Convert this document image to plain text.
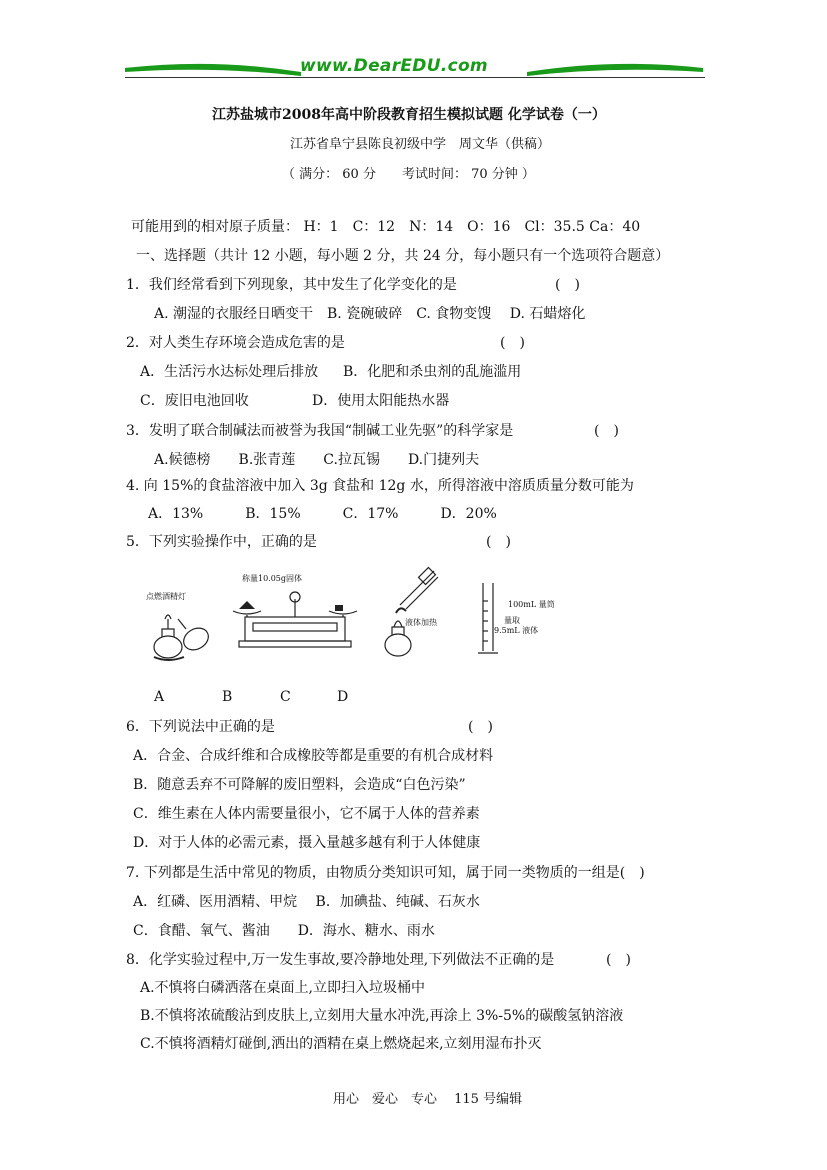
www.DearEDU.com
江苏盐城市2008年高中阶段教育招生模拟试题 化学试卷（一）
江苏省阜宁县陈良初级中学　周文华（供稿）
（ 满分： 60 分　　考试时间： 70 分钟 ）
可能用到的相对原子质量： H：1　C：12　N：14　O：16　Cl：35.5 Ca：40
一、选择题（共计 12 小题，每小题 2 分，共 24 分，每小题只有一个选项符合题意）
1．我们经常看到下列现象，其中发生了化学变化的是	(　)
A. 潮湿的衣服经日晒变干　B. 瓷碗破碎　C. 食物变馊　 D. 石蜡熔化
2．对人类生存环境会造成危害的是	(　)
A．生活污水达标处理后排放 B．化肥和杀虫剂的乱施滥用
C．废旧电池回收	D．使用太阳能热水器
3．发明了联合制碱法而被誉为我国“制碱工业先驱”的科学家是	(　)
A.候德榜　　B.张青莲　　C.拉瓦锡　　D.门捷列夫
4. 向 15%的食盐溶液中加入 3g 食盐和 12g 水，所得溶液中溶质质量分数可能为
A．13%　　　B．15%　　　C．17%　　　D．20%
5．下列实验操作中，正确的是	(　)
点燃酒精灯
称量10.05g固体
液体加热
100mL 量筒
量取
9.5mL 液体
A	B	C	D
6．下列说法中正确的是	(　)
A．合金、合成纤维和合成橡胶等都是重要的有机合成材料
B．随意丢弃不可降解的废旧塑料，会造成“白色污染”
C．维生素在人体内需要量很小，它不属于人体的营养素
D．对于人体的必需元素，摄入量越多越有利于人体健康
7. 下列都是生活中常见的物质，由物质分类知识可知，属于同一类物质的一组是(　)
A．红磷、医用酒精、甲烷　 B．加碘盐、纯碱、石灰水
C．食醋、氧气、酱油　　D．海水、糖水、雨水
8．化学实验过程中,万一发生事故,要冷静地处理,下列做法不正确的是	(　)
A.不慎将白磷洒落在桌面上,立即扫入垃圾桶中
B.不慎将浓硫酸沾到皮肤上,立刻用大量水冲洗,再涂上 3%-5%的碳酸氢钠溶液
C.不慎将酒精灯碰倒,洒出的酒精在桌上燃烧起来,立刻用湿布扑灭
用心　爱心　专心　 115 号编辑
